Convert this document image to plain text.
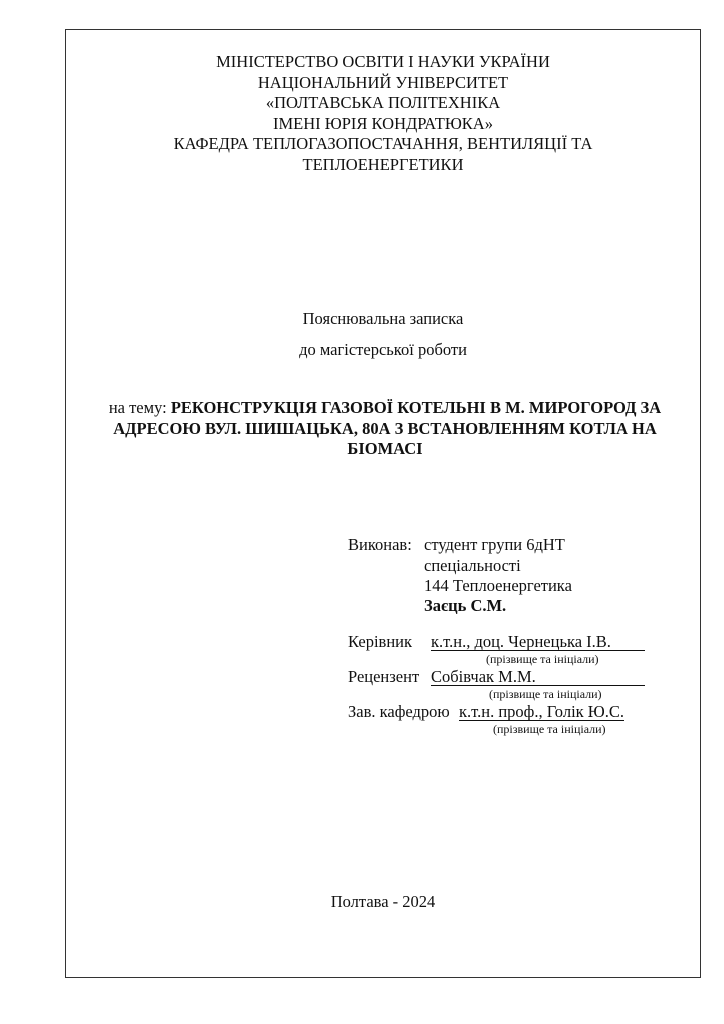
МІНІСТЕРСТВО ОСВІТИ І НАУКИ УКРАЇНИ
НАЦІОНАЛЬНИЙ УНІВЕРСИТЕТ
«ПОЛТАВСЬКА ПОЛІТЕХНІКА
ІМЕНІ ЮРІЯ КОНДРАТЮКА»
КАФЕДРА ТЕПЛОГАЗОПОСТАЧАННЯ, ВЕНТИЛЯЦІЇ ТА
ТЕПЛОЕНЕРГЕТИКИ
Пояснювальна записка
до магістерської роботи
на тему: РЕКОНСТРУКЦІЯ ГАЗОВОЇ КОТЕЛЬНІ В М. МИРОГОРОД ЗА АДРЕСОЮ ВУЛ. ШИШАЦЬКА, 80А З ВСТАНОВЛЕННЯМ КОТЛА НА БІОМАСІ
Виконав: студент групи 6дНТ
спеціальності
144 Теплоенергетика
Заєць С.М.
Керівник к.т.н., доц. Чернецька І.В.
(прізвище та ініціали)
Рецензент Собівчак М.М.
(прізвище та ініціали)
Зав. кафедрою к.т.н. проф., Голік Ю.С.
(прізвище та ініціали)
Полтава - 2024
